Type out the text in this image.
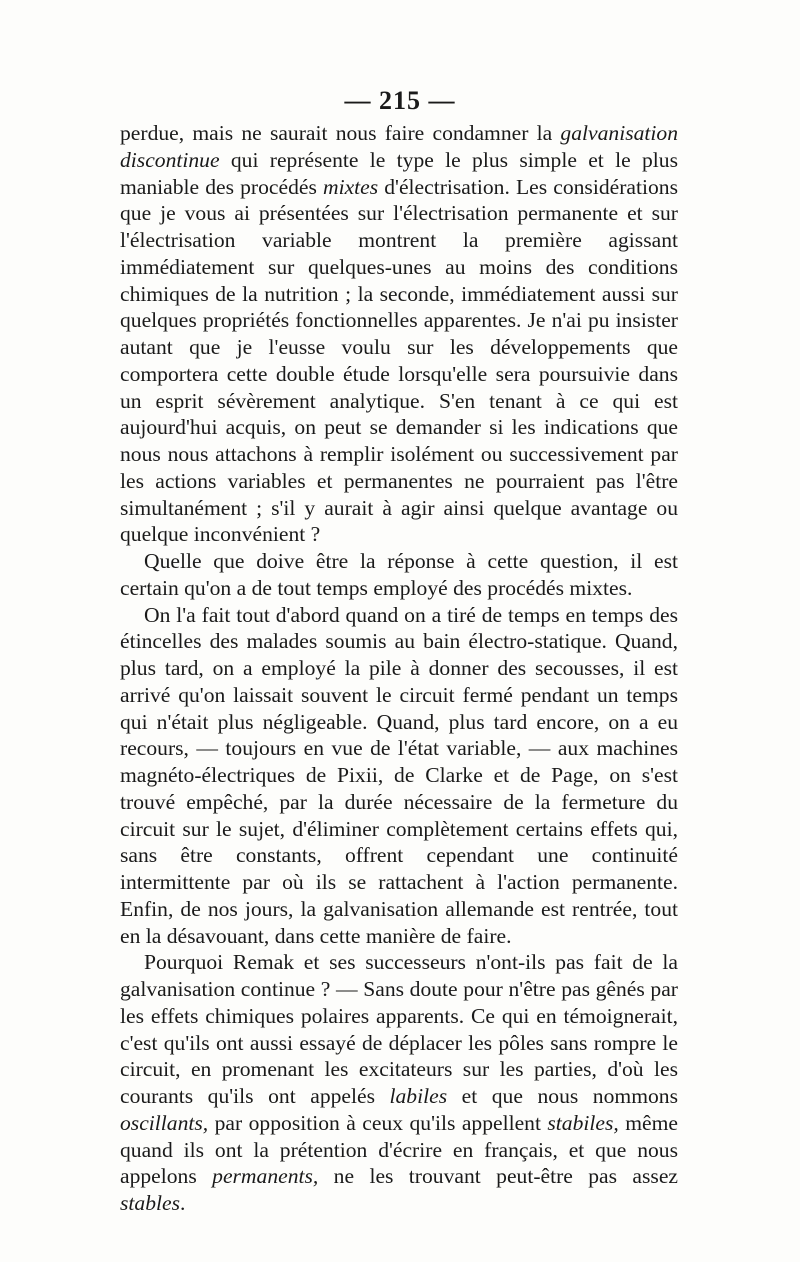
— 215 —

perdue, mais ne saurait nous faire condamner la galvanisation discontinue qui représente le type le plus simple et le plus maniable des procédés mixtes d'électrisation. Les considérations que je vous ai présentées sur l'électrisation permanente et sur l'électrisation variable montrent la première agissant immédiatement sur quelques-unes au moins des conditions chimiques de la nutrition ; la seconde, immédiatement aussi sur quelques propriétés fonctionnelles apparentes. Je n'ai pu insister autant que je l'eusse voulu sur les développements que comportera cette double étude lorsqu'elle sera poursuivie dans un esprit sévèrement analytique. S'en tenant à ce qui est aujourd'hui acquis, on peut se demander si les indications que nous nous attachons à remplir isolément ou successivement par les actions variables et permanentes ne pourraient pas l'être simultanément ; s'il y aurait à agir ainsi quelque avantage ou quelque inconvénient ?

Quelle que doive être la réponse à cette question, il est certain qu'on a de tout temps employé des procédés mixtes.

On l'a fait tout d'abord quand on a tiré de temps en temps des étincelles des malades soumis au bain électro-statique. Quand, plus tard, on a employé la pile à donner des secousses, il est arrivé qu'on laissait souvent le circuit fermé pendant un temps qui n'était plus négligeable. Quand, plus tard encore, on a eu recours, — toujours en vue de l'état variable, — aux machines magnéto-électriques de Pixii, de Clarke et de Page, on s'est trouvé empêché, par la durée nécessaire de la fermeture du circuit sur le sujet, d'éliminer complètement certains effets qui, sans être constants, offrent cependant une continuité intermittente par où ils se rattachent à l'action permanente. Enfin, de nos jours, la galvanisation allemande est rentrée, tout en la désavouant, dans cette manière de faire.

Pourquoi Remak et ses successeurs n'ont-ils pas fait de la galvanisation continue ? — Sans doute pour n'être pas gênés par les effets chimiques polaires apparents. Ce qui en témoignerait, c'est qu'ils ont aussi essayé de déplacer les pôles sans rompre le circuit, en promenant les excitateurs sur les parties, d'où les courants qu'ils ont appelés labiles et que nous nommons oscillants, par opposition à ceux qu'ils appellent stabiles, même quand ils ont la prétention d'écrire en français, et que nous appelons permanents, ne les trouvant peut-être pas assez stables.
